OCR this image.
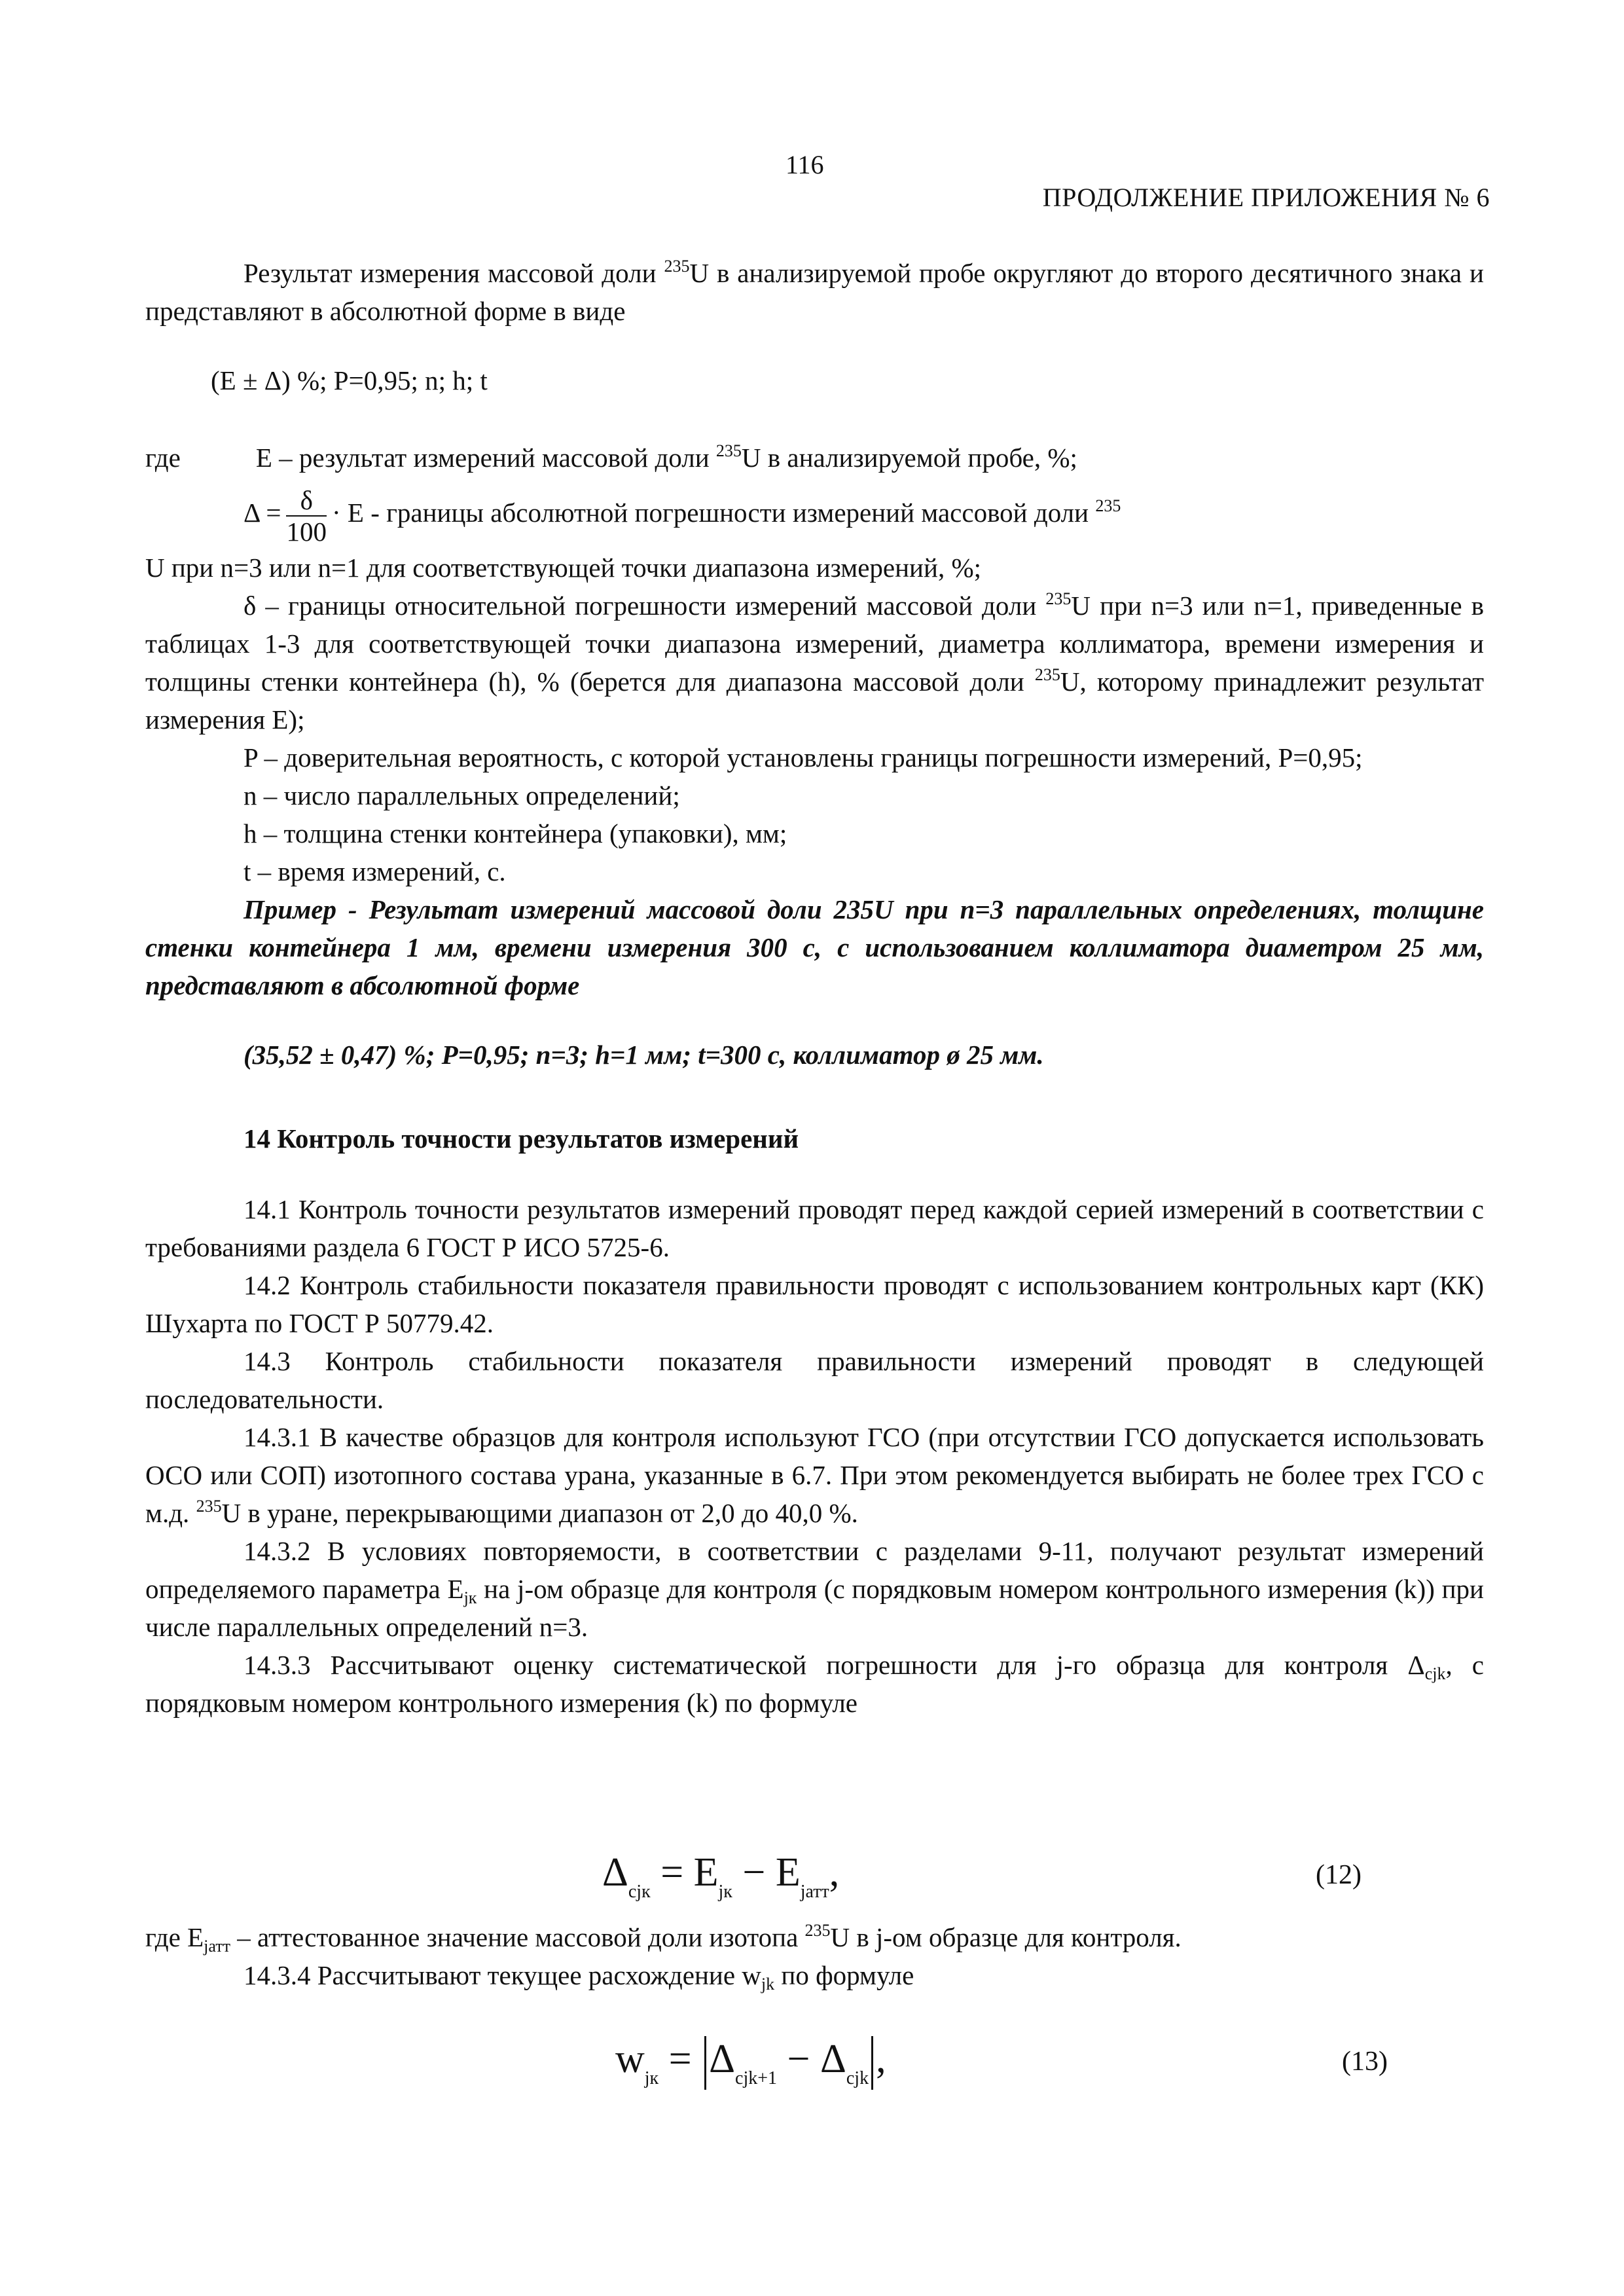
116
ПРОДОЛЖЕНИЕ ПРИЛОЖЕНИЯ № 6

Результат измерения массовой доли $^{235}$U в анализируемой пробе округляют до второго десятичного знака и представляют в абсолютной форме в виде

(E ± Δ) %; P=0,95; n; h; t
где	E – результат измерений массовой доли $^{235}$U в анализируемой пробе, %;
$\Delta = \frac{\delta}{100} \cdot E$ - границы абсолютной погрешности измерений массовой доли $^{235}$

U при n=3 или n=1 для соответствующей точки диапазона измерений, %;

δ – границы относительной погрешности измерений массовой доли $^{235}$U при n=3 или n=1, приведенные в таблицах 1-3 для соответствующей точки диапазона измерений, диаметра коллиматора, времени измерения и толщины стенки контейнера (h), % (берется для диапазона массовой доли $^{235}$U, которому принадлежит результат измерения E);

P – доверительная вероятность, с которой установлены границы погрешности измерений, P=0,95;

n – число параллельных определений;

h – толщина стенки контейнера (упаковки), мм;

t – время измерений, с.

Пример - Результат измерений массовой доли 235U при n=3 параллельных определениях, толщине стенки контейнера 1 мм, времени измерения 300 с, с использованием коллиматора диаметром 25 мм, представляют в абсолютной форме

(35,52 ± 0,47) %; P=0,95; n=3; h=1 мм; t=300 с, коллиматор ø 25 мм.

14 Контроль точности результатов измерений

14.1 Контроль точности результатов измерений проводят перед каждой серией измерений в соответствии с требованиями раздела 6 ГОСТ Р ИСО 5725-6.

14.2 Контроль стабильности показателя правильности проводят с использованием контрольных карт (КК) Шухарта по ГОСТ Р 50779.42.

14.3 Контроль стабильности показателя правильности измерений проводят в следующей последовательности.

14.3.1 В качестве образцов для контроля используют ГСО (при отсутствии ГСО допускается использовать ОСО или СОП) изотопного состава урана, указанные в 6.7. При этом рекомендуется выбирать не более трех ГСО с м.д. $^{235}$U в уране, перекрывающими диапазон от 2,0 до 40,0 %.

14.3.2 В условиях повторяемости, в соответствии с разделами 9-11, получают результат измерений определяемого параметра $E_{jк}$ на j-ом образце для контроля (с порядковым номером контрольного измерения (k)) при числе параллельных определений n=3.

14.3.3 Рассчитывают оценку систематической погрешности для j-го образца для контроля $\Delta_{cjk}$, с порядковым номером контрольного измерения (k) по формуле

$\Delta_{cjк} = E_{jк} - E_{jатт}$,	(12)

где $E_{jатт}$ – аттестованное значение массовой доли изотопа $^{235}$U в j-ом образце для контроля.

14.3.4 Рассчитывают текущее расхождение $w_{jk}$ по формуле

$w_{jк} = \Delta_{cjk+1} - \Delta_{cjk}$ ,	(13)
